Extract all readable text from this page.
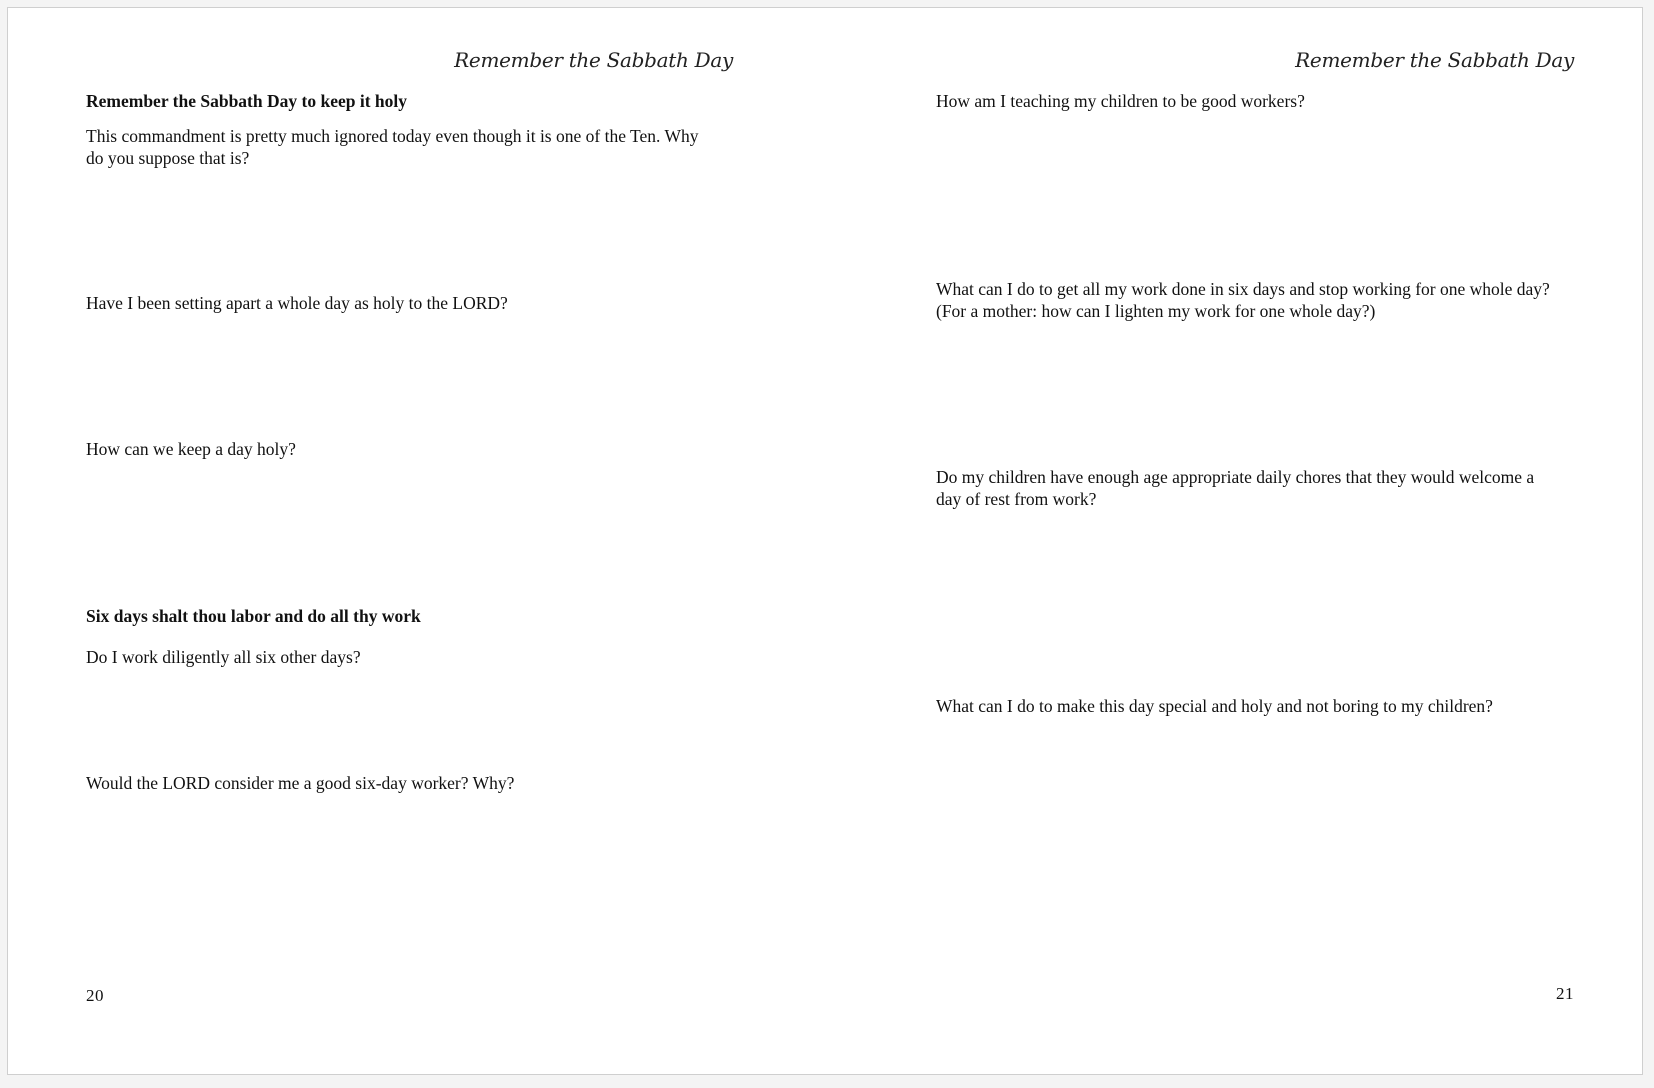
Remember the Sabbath Day

Remember the Sabbath Day to keep it holy

This commandment is pretty much ignored today even though it is one of the Ten. Why do you suppose that is?

Have I been setting apart a whole day as holy to the LORD?

How can we keep a day holy?

Six days shalt thou labor and do all thy work

Do I work diligently all six other days?

Would the LORD consider me a good six-day worker? Why?

20
Remember the Sabbath Day

How am I teaching my children to be good workers?

What can I do to get all my work done in six days and stop working for one whole day? (For a mother: how can I lighten my work for one whole day?)

Do my children have enough age appropriate daily chores that they would welcome a day of rest from work?

What can I do to make this day special and holy and not boring to my children?

21
